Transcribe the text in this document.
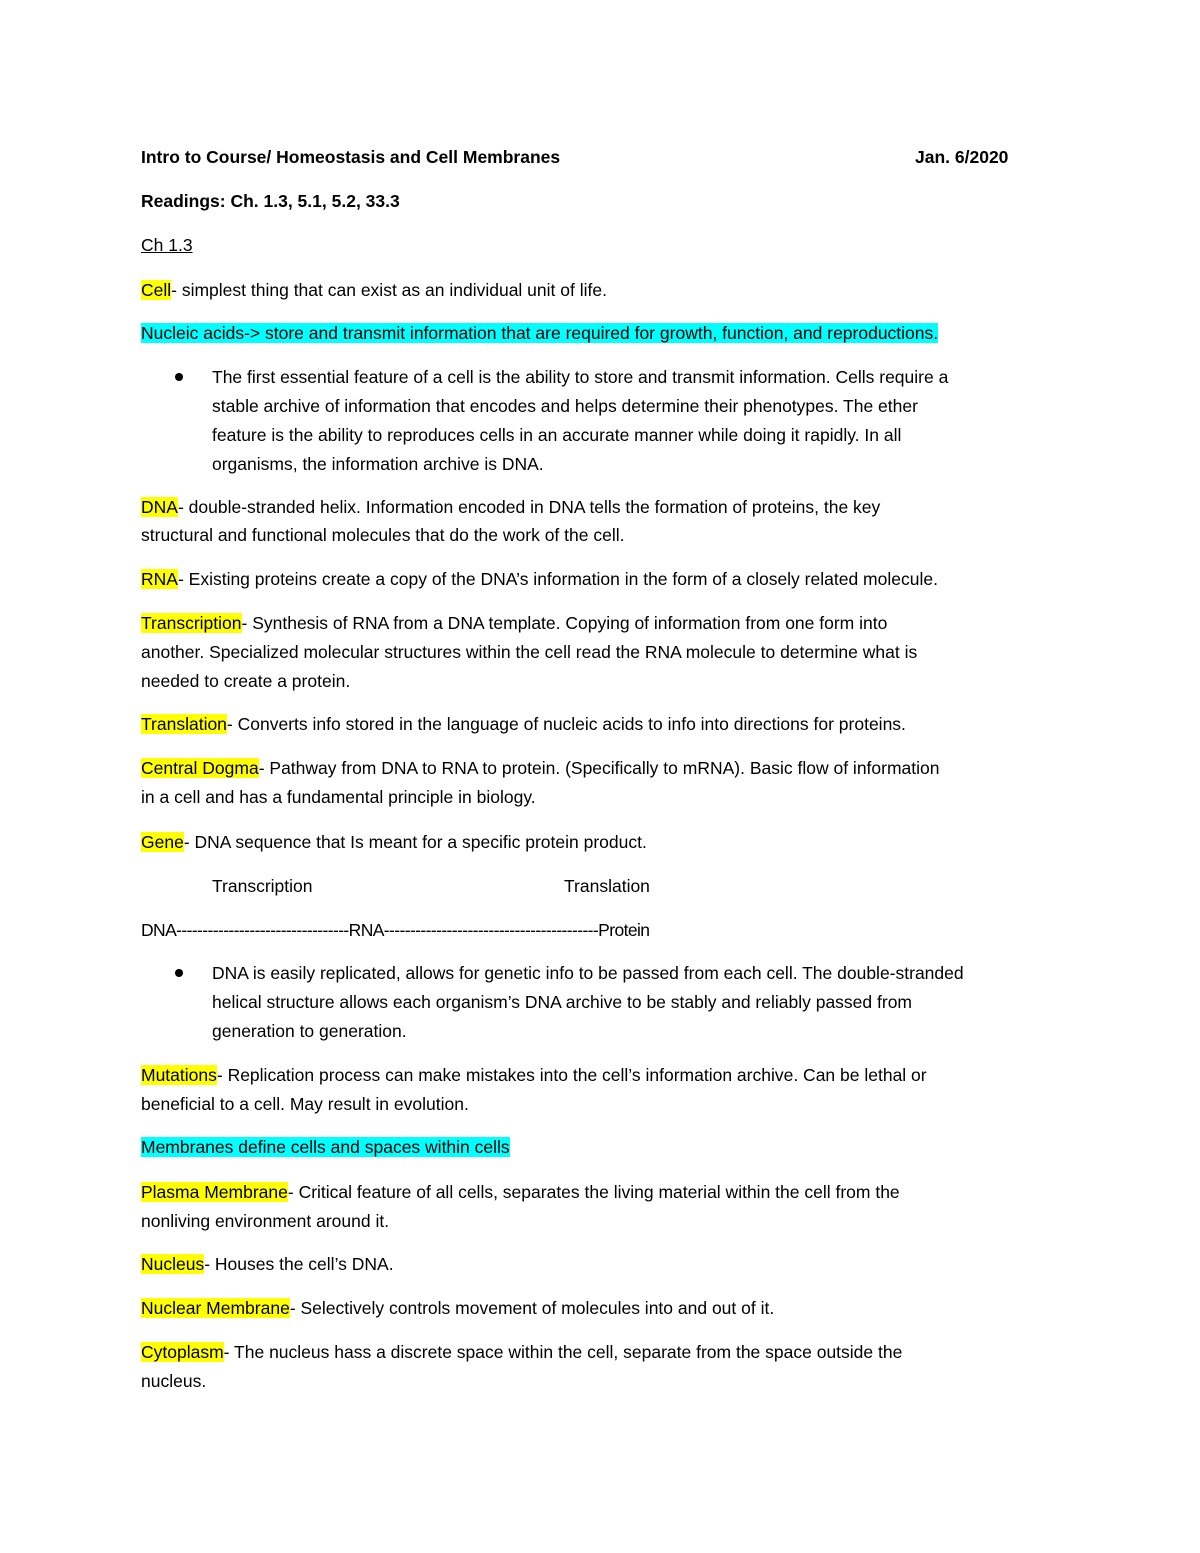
Intro to Course/ Homeostasis and Cell Membranes	Jan. 6/2020
Readings: Ch. 1.3, 5.1, 5.2, 33.3
Ch 1.3
Cell- simplest thing that can exist as an individual unit of life.
Nucleic acids-> store and transmit information that are required for growth, function, and reproductions.
The first essential feature of a cell is the ability to store and transmit information. Cells require a
stable archive of information that encodes and helps determine their phenotypes. The ether
feature is the ability to reproduces cells in an accurate manner while doing it rapidly. In all
organisms, the information archive is DNA.
DNA- double-stranded helix. Information encoded in DNA tells the formation of proteins, the key
structural and functional molecules that do the work of the cell.
RNA- Existing proteins create a copy of the DNA’s information in the form of a closely related molecule.
Transcription- Synthesis of RNA from a DNA template. Copying of information from one form into
another. Specialized molecular structures within the cell read the RNA molecule to determine what is
needed to create a protein.
Translation- Converts info stored in the language of nucleic acids to info into directions for proteins.
Central Dogma- Pathway from DNA to RNA to protein. (Specifically to mRNA). Basic flow of information
in a cell and has a fundamental principle in biology.
Gene- DNA sequence that Is meant for a specific protein product.
Transcription	Translation
DNA---------------------------------RNA-----------------------------------------Protein
DNA is easily replicated, allows for genetic info to be passed from each cell. The double-stranded
helical structure allows each organism’s DNA archive to be stably and reliably passed from
generation to generation.
Mutations- Replication process can make mistakes into the cell’s information archive. Can be lethal or
beneficial to a cell. May result in evolution.
Membranes define cells and spaces within cells
Plasma Membrane- Critical feature of all cells, separates the living material within the cell from the
nonliving environment around it.
Nucleus- Houses the cell’s DNA.
Nuclear Membrane- Selectively controls movement of molecules into and out of it.
Cytoplasm- The nucleus hass a discrete space within the cell, separate from the space outside the
nucleus.
